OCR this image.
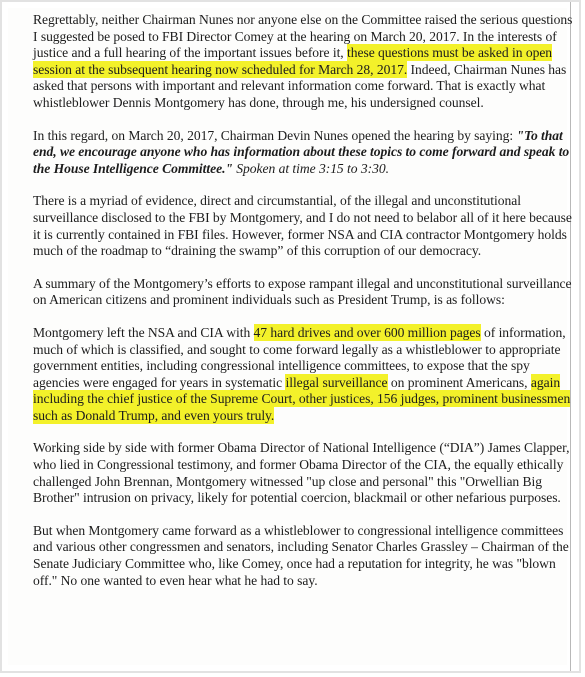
Regrettably, neither Chairman Nunes nor anyone else on the Committee raised the serious questions I suggested be posed to FBI Director Comey at the hearing on March 20, 2017. In the interests of justice and a full hearing of the important issues before it, these questions must be asked in open session at the subsequent hearing now scheduled for March 28, 2017. Indeed, Chairman Nunes has asked that persons with important and relevant information come forward. That is exactly what whistleblower Dennis Montgomery has done, through me, his undersigned counsel.

In this regard, on March 20, 2017, Chairman Devin Nunes opened the hearing by saying: "To that end, we encourage anyone who has information about these topics to come forward and speak to the House Intelligence Committee." Spoken at time 3:15 to 3:30.

There is a myriad of evidence, direct and circumstantial, of the illegal and unconstitutional surveillance disclosed to the FBI by Montgomery, and I do not need to belabor all of it here because it is currently contained in FBI files. However, former NSA and CIA contractor Montgomery holds much of the roadmap to “draining the swamp” of this corruption of our democracy.

A summary of the Montgomery’s efforts to expose rampant illegal and unconstitutional surveillance on American citizens and prominent individuals such as President Trump, is as follows:

Montgomery left the NSA and CIA with 47 hard drives and over 600 million pages of information, much of which is classified, and sought to come forward legally as a whistleblower to appropriate government entities, including congressional intelligence committees, to expose that the spy agencies were engaged for years in systematic illegal surveillance on prominent Americans, again including the chief justice of the Supreme Court, other justices, 156 judges, prominent businessmen such as Donald Trump, and even yours truly.

Working side by side with former Obama Director of National Intelligence (“DIA”) James Clapper, who lied in Congressional testimony, and former Obama Director of the CIA, the equally ethically challenged John Brennan, Montgomery witnessed "up close and personal" this "Orwellian Big Brother" intrusion on privacy, likely for potential coercion, blackmail or other nefarious purposes.

But when Montgomery came forward as a whistleblower to congressional intelligence committees and various other congressmen and senators, including Senator Charles Grassley – Chairman of the Senate Judiciary Committee who, like Comey, once had a reputation for integrity, he was "blown off." No one wanted to even hear what he had to say.
